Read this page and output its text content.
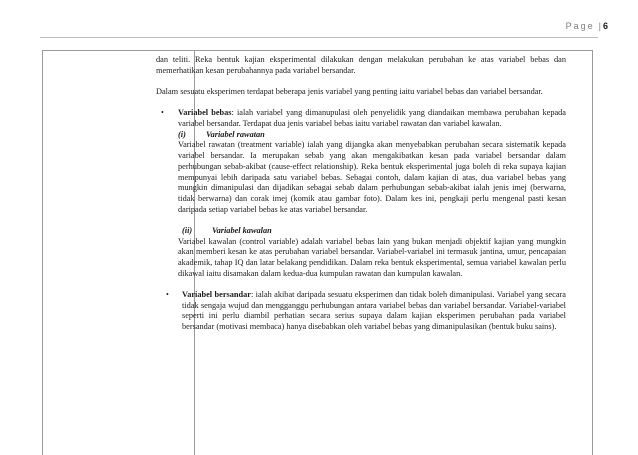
Page | 6

dan teliti. Reka bentuk kajian eksperimental dilakukan dengan melakukan perubahan ke atas variabel bebas dan memerhatikan kesan perubahannya pada variabel bersandar.

Dalam sesuatu eksperimen terdapat beberapa jenis variabel yang penting iaitu variabel bebas dan variabel bersandar.

• Variabel bebas: ialah variabel yang dimanupulasi oleh penyelidik yang diandaikan membawa perubahan kepada variabel bersandar. Terdapat dua jenis variabel bebas iaitu variabel rawatan dan variabel kawalan.

(i) Variabel rawatan

Variabel rawatan (treatment variable) ialah yang dijangka akan menyebabkan perubahan secara sistematik kepada variabel bersandar. Ia merupakan sebab yang akan mengakibatkan kesan pada variabel bersandar dalam perhubungan sebab-akibat (cause-effect relationship). Reka bentuk eksperimental juga boleh di reka supaya kajian mempunyai lebih daripada satu variabel bebas. Sebagai contoh, dalam kajian di atas, dua variabel bebas yang mungkin dimanipulasi dan dijadikan sebagai sebab dalam perhubungan sebab-akibat ialah jenis imej (berwarna, tidak berwarna) dan corak imej (komik atau gambar foto). Dalam kes ini, pengkaji perlu mengenal pasti kesan daripada setiap variabel bebas ke atas variabel bersandar.

(ii) Variabel kawalan

Variabel kawalan (control variable) adalah variabel bebas lain yang bukan menjadi objektif kajian yang mungkin akan memberi kesan ke atas perubahan variabel bersandar. Variabel-variabel ini termasuk jantina, umur, pencapaian akademik, tahap IQ dan latar belakang pendidikan. Dalam reka bentuk eksperimental, semua variabel kawalan perlu dikawal iaitu disamakan dalam kedua-dua kumpulan rawatan dan kumpulan kawalan.

• Variabel bersandar: ialah akibat daripada sesuatu eksperimen dan tidak boleh dimanipulasi. Variabel yang secara tidak sengaja wujud dan mengganggu perhubungan antara variabel bebas dan variabel bersandar. Variabel-variabel seperti ini perlu diambil perhatian secara serius supaya dalam kajian eksperimen perubahan pada variabel bersandar (motivasi membaca) hanya disebabkan oleh variabel bebas yang dimanipulasikan (bentuk buku sains).
